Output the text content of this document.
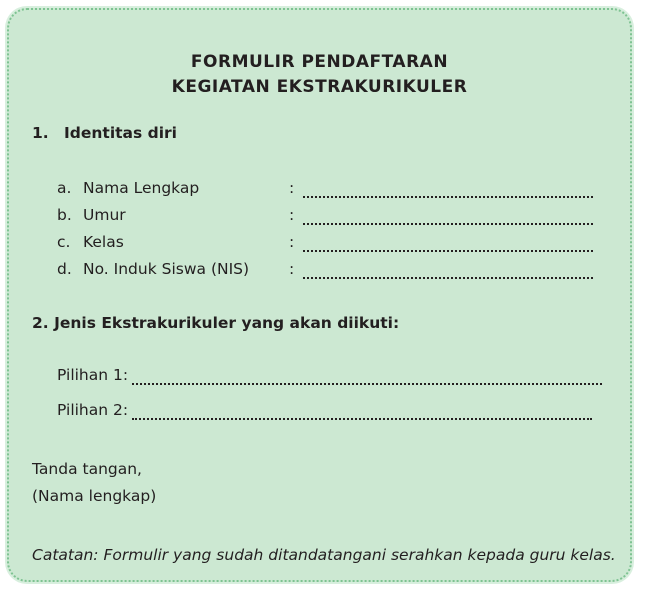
FORMULIR PENDAFTARAN
KEGIATAN EKSTRAKURIKULER
1. Identitas diri
a. Nama Lengkap	:
b. Umur	:
c. Kelas	:
d. No. Induk Siswa (NIS)	:
2. Jenis Ekstrakurikuler yang akan diikuti:
Pilihan 1:
Pilihan 2:
Tanda tangan,
(Nama lengkap)
Catatan: Formulir yang sudah ditandatangani serahkan kepada guru kelas.
